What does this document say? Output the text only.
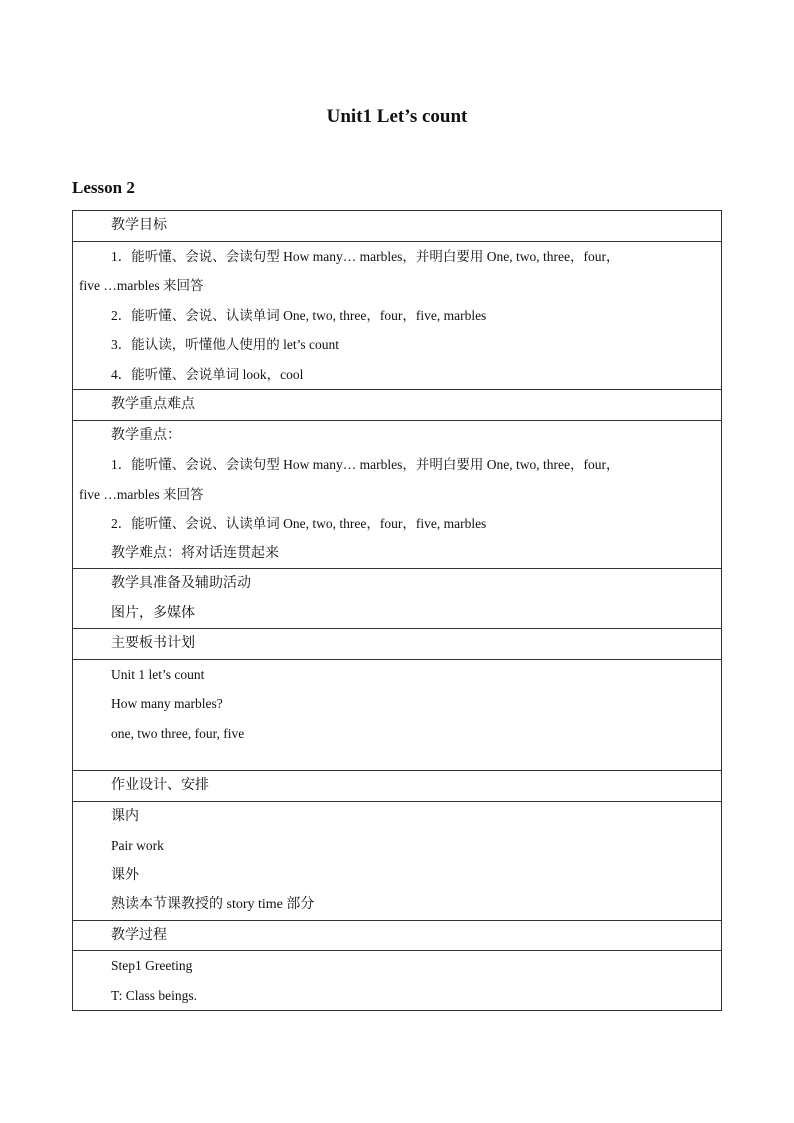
Unit1 Let’s count
Lesson 2
教学目标
1．能听懂、会说、会读句型 How many… marbles，并明白要用 One, two, three，four，
five …marbles 来回答
2．能听懂、会说、认读单词 One, two, three，four，five, marbles
3．能认读，听懂他人使用的 let’s count
4．能听懂、会说单词 look，cool
教学重点难点
教学重点：
1．能听懂、会说、会读句型 How many… marbles，并明白要用 One, two, three，four，
five …marbles 来回答
2．能听懂、会说、认读单词 One, two, three，four，five, marbles
教学难点：将对话连贯起来
教学具准备及辅助活动
图片，多媒体
主要板书计划
Unit 1 let’s count
How many marbles?
one, two three, four, five
作业设计、安排
课内
Pair work
课外
熟读本节课教授的 story time 部分
教学过程
Step1 Greeting
T: Class beings.
